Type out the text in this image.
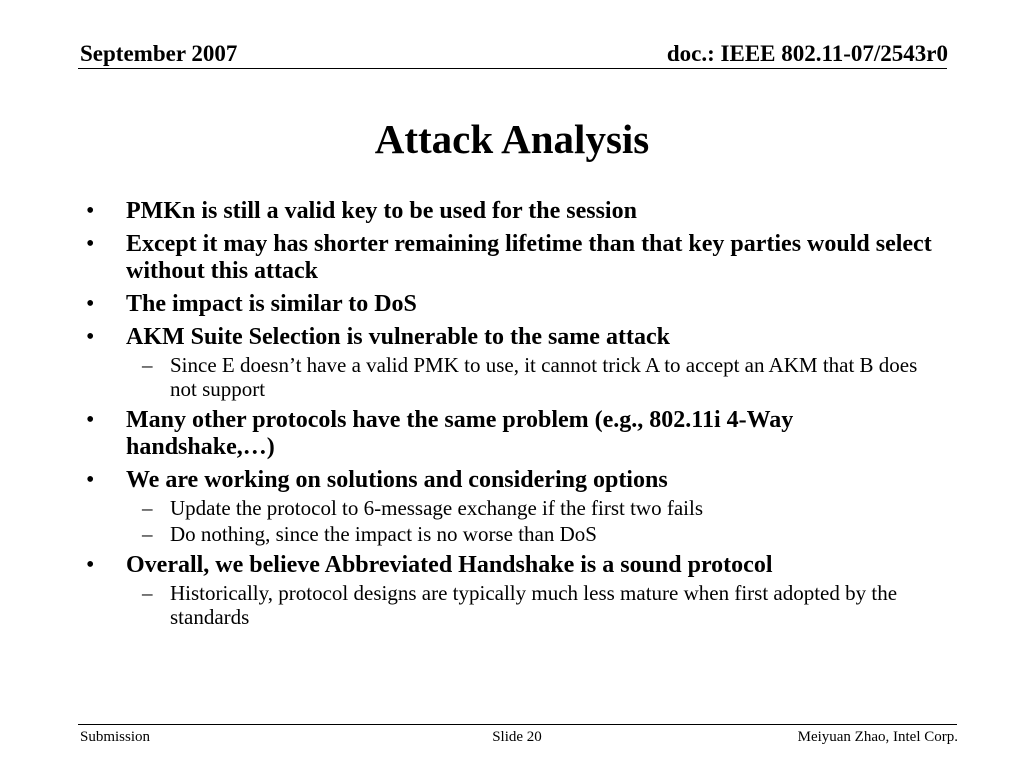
September 2007	doc.: IEEE 802.11-07/2543r0
Attack Analysis
• PMKn is still a valid key to be used for the session
• Except it may has shorter remaining lifetime than that key parties would select without this attack
• The impact is similar to DoS
• AKM Suite Selection is vulnerable to the same attack
– Since E doesn’t have a valid PMK to use, it cannot trick A to accept an AKM that B does not support
• Many other protocols have the same problem (e.g., 802.11i 4-Way handshake,…)
• We are working on solutions and considering options
– Update the protocol to 6-message exchange if the first two fails
– Do nothing, since the impact is no worse than DoS
• Overall, we believe Abbreviated Handshake is a sound protocol
– Historically, protocol designs are typically much less mature when first adopted by the standards
Submission	Slide 20	Meiyuan Zhao, Intel Corp.
